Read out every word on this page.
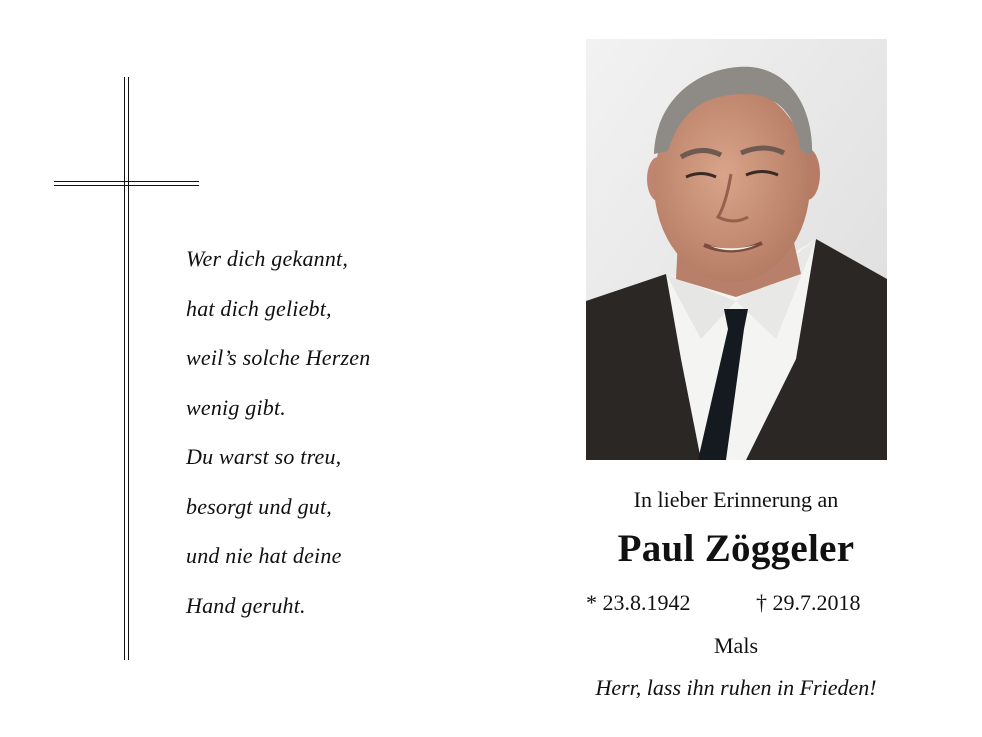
Wer dich gekannt,
hat dich geliebt,
weil’s solche Herzen
wenig gibt.
Du warst so treu,
besorgt und gut,
und nie hat deine
Hand geruht.
In lieber Erinnerung an
Paul Zöggeler
* 23.8.1942	† 29.7.2018
Mals
Herr, lass ihn ruhen in Frieden!
